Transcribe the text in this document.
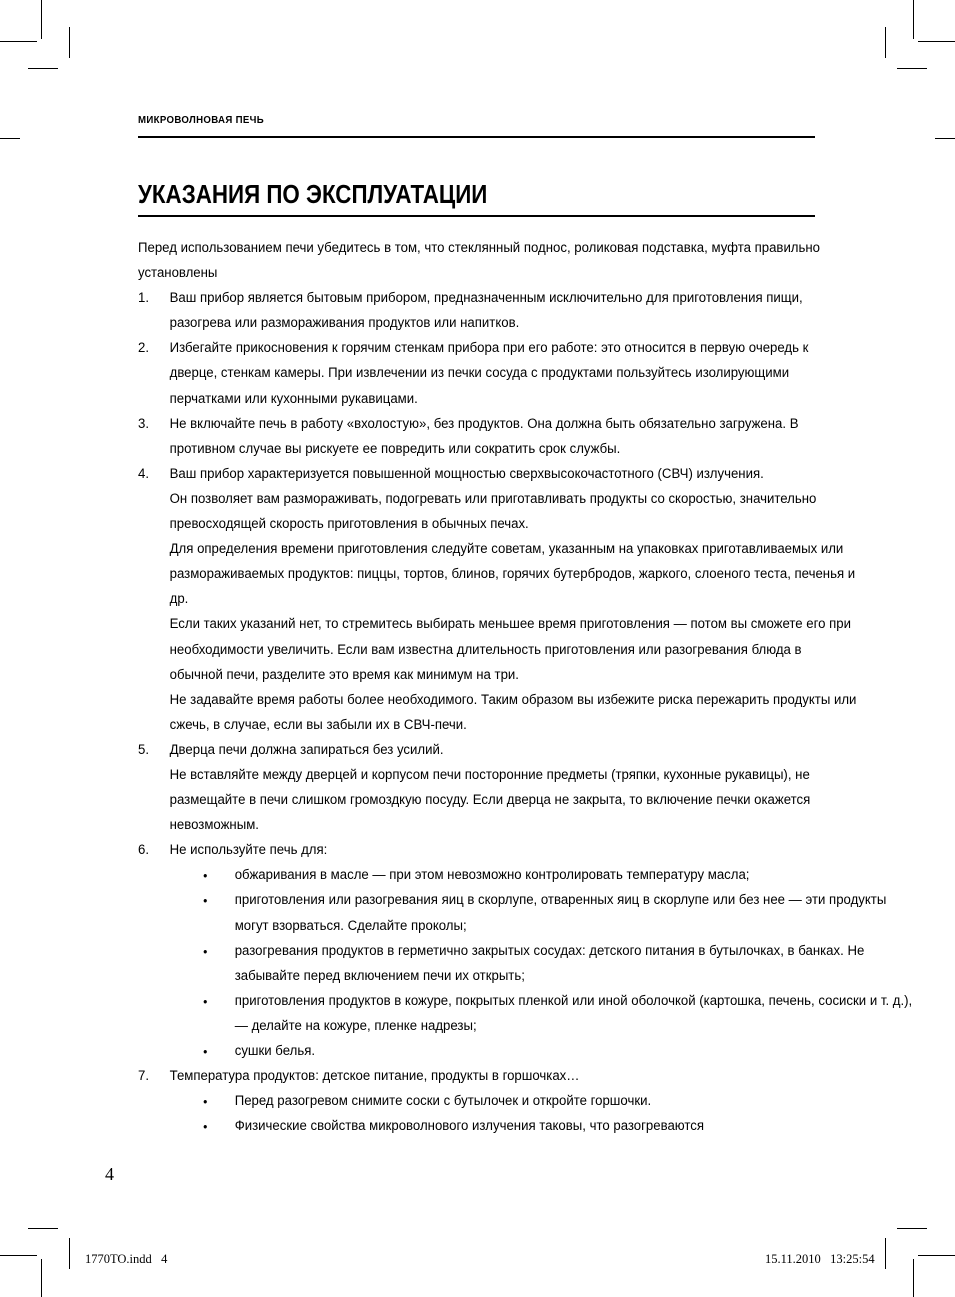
МИКРОВОЛНОВАЯ ПЕЧЬ
УКАЗАНИЯ ПО ЭКСПЛУАТАЦИИ
Перед использованием печи убедитесь в том, что стеклянный поднос, роликовая подставка, муфта правильно установлены
1.	Ваш прибор является бытовым прибором, предназначенным исключительно для приготовления пищи, разогрева или размораживания продуктов или напитков.
2.	Избегайте прикосновения к горячим стенкам прибора при его работе: это относится в первую очередь к дверце, стенкам камеры. При извлечении из печки сосуда с продуктами пользуйтесь изолирующими перчатками или кухонными рукавицами.
3.	Не включайте печь в работу «вхолостую», без продуктов. Она должна быть обязательно загружена. В противном случае вы рискуете ее повредить или сократить срок службы.
4.	Ваш прибор характеризуется повышенной мощностью сверхвысокочастотного (СВЧ) излучения.
Он позволяет вам размораживать, подогревать или приготавливать продукты со скоростью, значительно превосходящей скорость приготовления в обычных печах.
Для определения времени приготовления следуйте советам, указанным на упаковках приготавливаемых или размораживаемых продуктов: пиццы, тортов, блинов, горячих бутербродов, жаркого, слоеного теста, печенья и др.
Если таких указаний нет, то стремитесь выбирать меньшее время приготовления — потом вы сможете его при необходимости увеличить. Если вам известна длительность приготовления или разогревания блюда в обычной печи, разделите это время как минимум на три.
Не задавайте время работы более необходимого. Таким образом вы избежите риска пережарить продукты или сжечь, в случае, если вы забыли их в СВЧ-печи.
5.	Дверца печи должна запираться без усилий.
Не вставляйте между дверцей и корпусом печи посторонние предметы (тряпки, кухонные рукавицы), не размещайте в печи слишком громоздкую посуду. Если дверца не закрыта, то включение печки окажется невозможным.
6.	Не используйте печь для:
•	обжаривания в масле — при этом невозможно контролировать температуру масла;
•	приготовления или разогревания яиц в скорлупе, отваренных яиц в скорлупе или без нее — эти продукты могут взорваться. Сделайте проколы;
•	разогревания продуктов в герметично закрытых сосудах: детского питания в бутылочках, в банках. Не забывайте перед включением печи их открыть;
•	приготовления продуктов в кожуре, покрытых пленкой или иной оболочкой (картошка, печень, сосиски и т. д.), — делайте на кожуре, пленке надрезы;
•	сушки белья.
7.	Температура продуктов: детское питание, продукты в горшочках…
•	Перед разогревом снимите соски с бутылочек и откройте горшочки.
•	Физические свойства микроволнового излучения таковы, что разогреваются
4
1770TO.indd   4	15.11.2010   13:25:54
